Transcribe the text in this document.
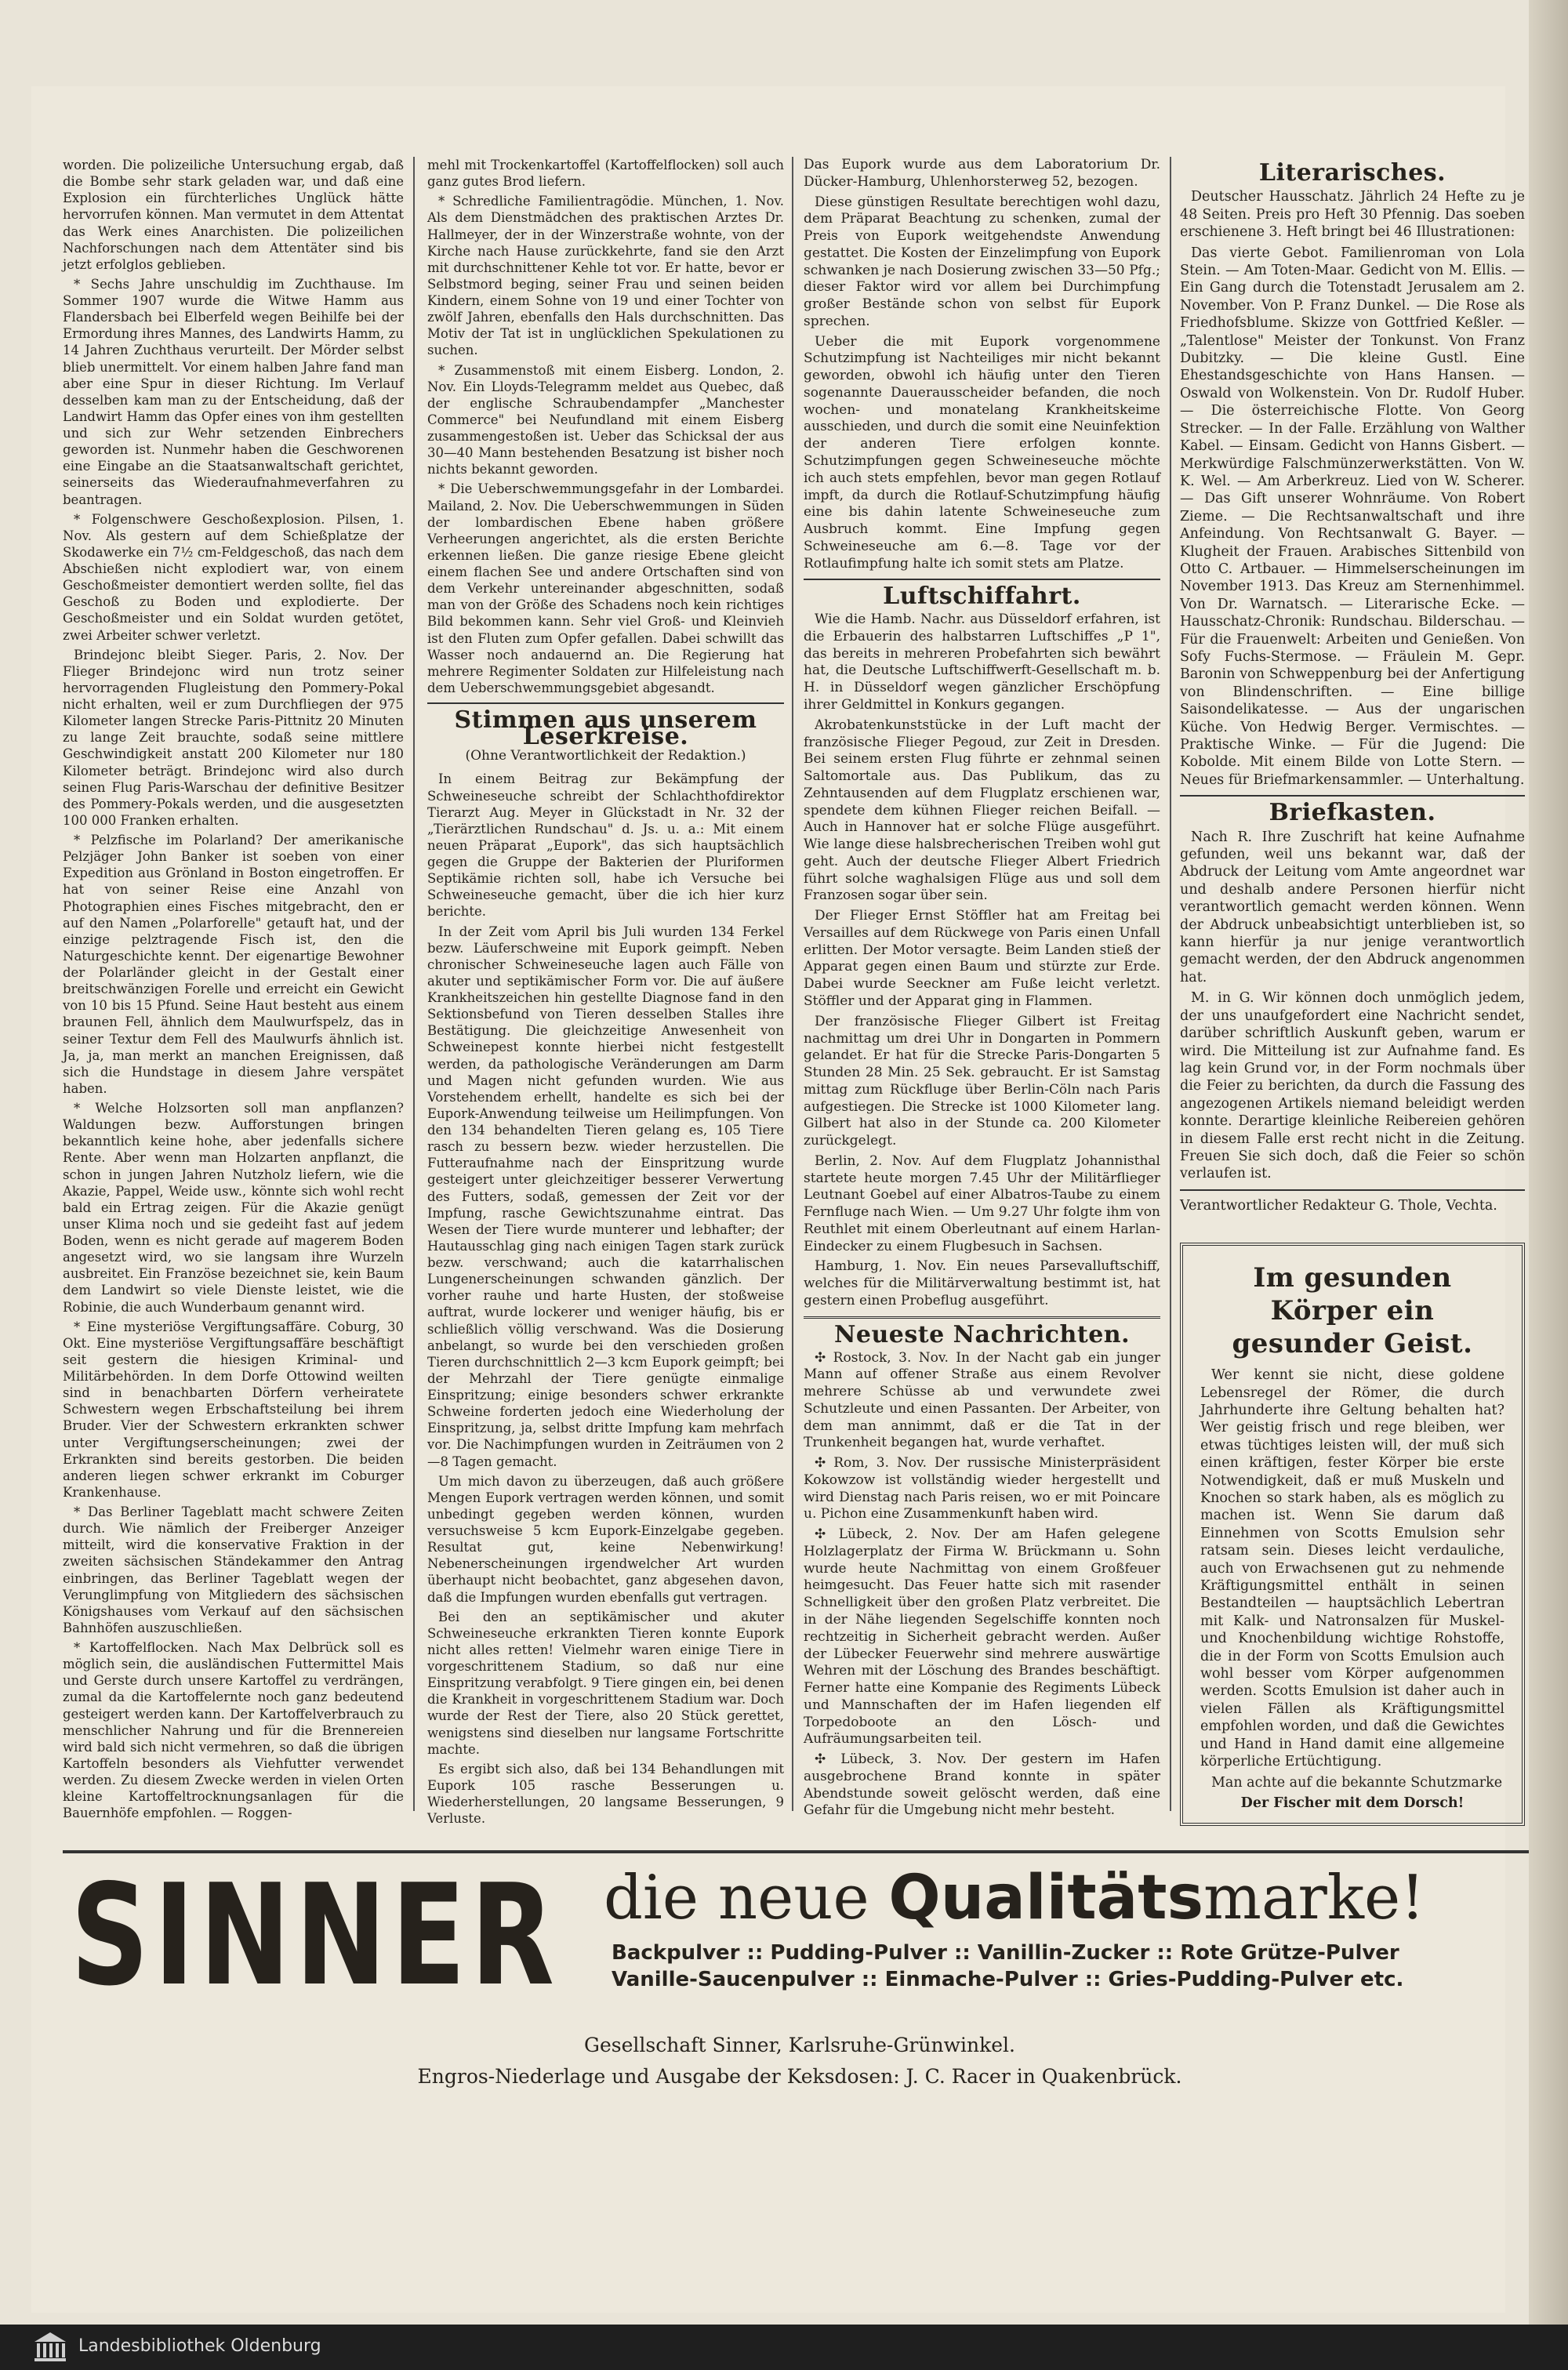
worden. Die polizeiliche Untersuchung ergab, daß die Bombe sehr stark geladen war, und daß eine Explosion ein fürchterliches Unglück hätte hervorrufen können. Man vermutet in dem Attentat das Werk eines Anarchisten. Die polizeilichen Nachforschungen nach dem Attentäter sind bis jetzt erfolglos geblieben.

* Sechs Jahre unschuldig im Zuchthause. Im Sommer 1907 wurde die Witwe Hamm aus Flandersbach bei Elberfeld wegen Beihilfe bei der Ermordung ihres Mannes, des Landwirts Hamm, zu 14 Jahren Zuchthaus verurteilt. Der Mörder selbst blieb unermittelt. Vor einem halben Jahre fand man aber eine Spur in dieser Richtung. Im Verlauf desselben kam man zu der Entscheidung, daß der Landwirt Hamm das Opfer eines von ihm gestellten und sich zur Wehr setzenden Einbrechers geworden ist. Nunmehr haben die Geschworenen eine Eingabe an die Staatsanwaltschaft gerichtet, seinerseits das Wiederaufnahmeverfahren zu beantragen.

* Folgenschwere Geschoßexplosion. Pilsen, 1. Nov. Als gestern auf dem Schießplatze der Skodawerke ein 7½ cm-Feldgeschoß, das nach dem Abschießen nicht explodiert war, von einem Geschoßmeister demontiert werden sollte, fiel das Geschoß zu Boden und explodierte. Der Geschoßmeister und ein Soldat wurden getötet, zwei Arbeiter schwer verletzt.

Brindejonc bleibt Sieger. Paris, 2. Nov. Der Flieger Brindejonc wird nun trotz seiner hervorragenden Flugleistung den Pommery-Pokal nicht erhalten, weil er zum Durchfliegen der 975 Kilometer langen Strecke Paris-Pittnitz 20 Minuten zu lange Zeit brauchte, sodaß seine mittlere Geschwindigkeit anstatt 200 Kilometer nur 180 Kilometer beträgt. Brindejonc wird also durch seinen Flug Paris-Warschau der definitive Besitzer des Pommery-Pokals werden, und die ausgesetzten 100 000 Franken erhalten.

* Pelzfische im Polarland? Der amerikanische Pelzjäger John Banker ist soeben von einer Expedition aus Grönland in Boston eingetroffen. Er hat von seiner Reise eine Anzahl von Photographien eines Fisches mitgebracht, den er auf den Namen „Polarforelle" getauft hat, und der einzige pelztragende Fisch ist, den die Naturgeschichte kennt. Der eigenartige Bewohner der Polarländer gleicht in der Gestalt einer breitschwänzigen Forelle und erreicht ein Gewicht von 10 bis 15 Pfund. Seine Haut besteht aus einem braunen Fell, ähnlich dem Maulwurfspelz, das in seiner Textur dem Fell des Maulwurfs ähnlich ist. Ja, ja, man merkt an manchen Ereignissen, daß sich die Hundstage in diesem Jahre verspätet haben.

* Welche Holzsorten soll man anpflanzen? Waldungen bezw. Aufforstungen bringen bekanntlich keine hohe, aber jedenfalls sichere Rente. Aber wenn man Holzarten anpflanzt, die schon in jungen Jahren Nutzholz liefern, wie die Akazie, Pappel, Weide usw., könnte sich wohl recht bald ein Ertrag zeigen. Für die Akazie genügt unser Klima noch und sie gedeiht fast auf jedem Boden, wenn es nicht gerade auf magerem Boden angesetzt wird, wo sie langsam ihre Wurzeln ausbreitet. Ein Französe bezeichnet sie, kein Baum dem Landwirt so viele Dienste leistet, wie die Robinie, die auch Wunderbaum genannt wird.

* Eine mysteriöse Vergiftungsaffäre. Coburg, 30 Okt. Eine mysteriöse Vergiftungsaffäre beschäftigt seit gestern die hiesigen Kriminal- und Militärbehörden. In dem Dorfe Ottowind weilten sind in benachbarten Dörfern verheiratete Schwestern wegen Erbschaftsteilung bei ihrem Bruder. Vier der Schwestern erkrankten schwer unter Vergiftungserscheinungen; zwei der Erkrankten sind bereits gestorben. Die beiden anderen liegen schwer erkrankt im Coburger Krankenhause.

* Das Berliner Tageblatt macht schwere Zeiten durch. Wie nämlich der Freiberger Anzeiger mitteilt, wird die konservative Fraktion in der zweiten sächsischen Ständekammer den Antrag einbringen, das Berliner Tageblatt wegen der Verunglimpfung von Mitgliedern des sächsischen Königshauses vom Verkauf auf den sächsischen Bahnhöfen auszuschließen.

* Kartoffelflocken. Nach Max Delbrück soll es möglich sein, die ausländischen Futtermittel Mais und Gerste durch unsere Kartoffel zu verdrängen, zumal da die Kartoffelernte noch ganz bedeutend gesteigert werden kann. Der Kartoffelverbrauch zu menschlicher Nahrung und für die Brennereien wird bald sich nicht vermehren, so daß die übrigen Kartoffeln besonders als Viehfutter verwendet werden. Zu diesem Zwecke werden in vielen Orten kleine Kartoffeltrocknungsanlagen für die Bauernhöfe empfohlen. — Roggen-

mehl mit Trockenkartoffel (Kartoffelflocken) soll auch ganz gutes Brod liefern.

* Schredliche Familientragödie. München, 1. Nov. Als dem Dienstmädchen des praktischen Arztes Dr. Hallmeyer, der in der Winzerstraße wohnte, von der Kirche nach Hause zurückkehrte, fand sie den Arzt mit durchschnittener Kehle tot vor. Er hatte, bevor er Selbstmord beging, seiner Frau und seinen beiden Kindern, einem Sohne von 19 und einer Tochter von zwölf Jahren, ebenfalls den Hals durchschnitten. Das Motiv der Tat ist in unglücklichen Spekulationen zu suchen.

* Zusammenstoß mit einem Eisberg. London, 2. Nov. Ein Lloyds-Telegramm meldet aus Quebec, daß der englische Schraubendampfer „Manchester Commerce" bei Neufundland mit einem Eisberg zusammengestoßen ist. Ueber das Schicksal der aus 30—40 Mann bestehenden Besatzung ist bisher noch nichts bekannt geworden.

* Die Ueberschwemmungsgefahr in der Lombardei. Mailand, 2. Nov. Die Ueberschwemmungen in Süden der lombardischen Ebene haben größere Verheerungen angerichtet, als die ersten Berichte erkennen ließen. Die ganze riesige Ebene gleicht einem flachen See und andere Ortschaften sind von dem Verkehr untereinander abgeschnitten, sodaß man von der Größe des Schadens noch kein richtiges Bild bekommen kann. Sehr viel Groß- und Kleinvieh ist den Fluten zum Opfer gefallen. Dabei schwillt das Wasser noch andauernd an. Die Regierung hat mehrere Regimenter Soldaten zur Hilfeleistung nach dem Ueberschwemmungsgebiet abgesandt.

Stimmen aus unserem Leserkreise.
(Ohne Verantwortlichkeit der Redaktion.)

In einem Beitrag zur Bekämpfung der Schweineseuche schreibt der Schlachthofdirektor Tierarzt Aug. Meyer in Glückstadt in Nr. 32 der „Tierärztlichen Rundschau" d. Js. u. a.: Mit einem neuen Präparat „Eupork", das sich hauptsächlich gegen die Gruppe der Bakterien der Pluriformen Septikämie richten soll, habe ich Versuche bei Schweineseuche gemacht, über die ich hier kurz berichte.

In der Zeit vom April bis Juli wurden 134 Ferkel bezw. Läuferschweine mit Eupork geimpft. Neben chronischer Schweineseuche lagen auch Fälle von akuter und septikämischer Form vor. Die auf äußere Krankheitszeichen hin gestellte Diagnose fand in den Sektionsbefund von Tieren desselben Stalles ihre Bestätigung. Die gleichzeitige Anwesenheit von Schweinepest konnte hierbei nicht festgestellt werden, da pathologische Veränderungen am Darm und Magen nicht gefunden wurden. Wie aus Vorstehendem erhellt, handelte es sich bei der Eupork-Anwendung teilweise um Heilimpfungen. Von den 134 behandelten Tieren gelang es, 105 Tiere rasch zu bessern bezw. wieder herzustellen. Die Futteraufnahme nach der Einspritzung wurde gesteigert unter gleichzeitiger besserer Verwertung des Futters, sodaß, gemessen der Zeit vor der Impfung, rasche Gewichtszunahme eintrat. Das Wesen der Tiere wurde munterer und lebhafter; der Hautausschlag ging nach einigen Tagen stark zurück bezw. verschwand; auch die katarrhalischen Lungenerscheinungen schwanden gänzlich. Der vorher rauhe und harte Husten, der stoßweise auftrat, wurde lockerer und weniger häufig, bis er schließlich völlig verschwand. Was die Dosierung anbelangt, so wurde bei den verschieden großen Tieren durchschnittlich 2—3 kcm Eupork geimpft; bei der Mehrzahl der Tiere genügte einmalige Einspritzung; einige besonders schwer erkrankte Schweine forderten jedoch eine Wiederholung der Einspritzung, ja, selbst dritte Impfung kam mehrfach vor. Die Nachimpfungen wurden in Zeiträumen von 2—8 Tagen gemacht.

Um mich davon zu überzeugen, daß auch größere Mengen Eupork vertragen werden können, und somit unbedingt gegeben werden können, wurden versuchsweise 5 kcm Eupork-Einzelgabe gegeben. Resultat gut, keine Nebenwirkung! Nebenerscheinungen irgendwelcher Art wurden überhaupt nicht beobachtet, ganz abgesehen davon, daß die Impfungen wurden ebenfalls gut vertragen.

Bei den an septikämischer und akuter Schweineseuche erkrankten Tieren konnte Eupork nicht alles retten! Vielmehr waren einige Tiere in vorgeschrittenem Stadium, so daß nur eine Einspritzung verabfolgt. 9 Tiere gingen ein, bei denen die Krankheit in vorgeschrittenem Stadium war. Doch wurde der Rest der Tiere, also 20 Stück gerettet, wenigstens sind dieselben nur langsame Fortschritte machte.

Es ergibt sich also, daß bei 134 Behandlungen mit Eupork 105 rasche Besserungen u. Wiederherstellungen, 20 langsame Besserungen, 9 Verluste.

Das Eupork wurde aus dem Laboratorium Dr. Dücker-Hamburg, Uhlenhorsterweg 52, bezogen.

Diese günstigen Resultate berechtigen wohl dazu, dem Präparat Beachtung zu schenken, zumal der Preis von Eupork weitgehendste Anwendung gestattet. Die Kosten der Einzelimpfung von Eupork schwanken je nach Dosierung zwischen 33—50 Pfg.; dieser Faktor wird vor allem bei Durchimpfung großer Bestände schon von selbst für Eupork sprechen.

Ueber die mit Eupork vorgenommene Schutzimpfung ist Nachteiliges mir nicht bekannt geworden, obwohl ich häufig unter den Tieren sogenannte Dauerausscheider befanden, die noch wochen- und monatelang Krankheitskeime ausschieden, und durch die somit eine Neuinfektion der anderen Tiere erfolgen konnte. Schutzimpfungen gegen Schweineseuche möchte ich auch stets empfehlen, bevor man gegen Rotlauf impft, da durch die Rotlauf-Schutzimpfung häufig eine bis dahin latente Schweineseuche zum Ausbruch kommt. Eine Impfung gegen Schweineseuche am 6.—8. Tage vor der Rotlaufimpfung halte ich somit stets am Platze.

Luftschiffahrt.

Wie die Hamb. Nachr. aus Düsseldorf erfahren, ist die Erbauerin des halbstarren Luftschiffes „P 1", das bereits in mehreren Probefahrten sich bewährt hat, die Deutsche Luftschiffwerft-Gesellschaft m. b. H. in Düsseldorf wegen gänzlicher Erschöpfung ihrer Geldmittel in Konkurs gegangen.

Akrobatenkunststücke in der Luft macht der französische Flieger Pegoud, zur Zeit in Dresden. Bei seinem ersten Flug führte er zehnmal seinen Saltomortale aus. Das Publikum, das zu Zehntausenden auf dem Flugplatz erschienen war, spendete dem kühnen Flieger reichen Beifall. — Auch in Hannover hat er solche Flüge ausgeführt. Wie lange diese halsbrecherischen Treiben wohl gut geht. Auch der deutsche Flieger Albert Friedrich führt solche waghalsigen Flüge aus und soll dem Franzosen sogar über sein.

Der Flieger Ernst Stöffler hat am Freitag bei Versailles auf dem Rückwege von Paris einen Unfall erlitten. Der Motor versagte. Beim Landen stieß der Apparat gegen einen Baum und stürzte zur Erde. Dabei wurde Seeckner am Fuße leicht verletzt. Stöffler und der Apparat ging in Flammen.

Der französische Flieger Gilbert ist Freitag nachmittag um drei Uhr in Dongarten in Pommern gelandet. Er hat für die Strecke Paris-Dongarten 5 Stunden 28 Min. 25 Sek. gebraucht. Er ist Samstag mittag zum Rückfluge über Berlin-Cöln nach Paris aufgestiegen. Die Strecke ist 1000 Kilometer lang. Gilbert hat also in der Stunde ca. 200 Kilometer zurückgelegt.

Berlin, 2. Nov. Auf dem Flugplatz Johannisthal startete heute morgen 7.45 Uhr der Militärflieger Leutnant Goebel auf einer Albatros-Taube zu einem Fernfluge nach Wien. — Um 9.27 Uhr folgte ihm von Reuthlet mit einem Oberleutnant auf einem Harlan-Eindecker zu einem Flugbesuch in Sachsen.

Hamburg, 1. Nov. Ein neues Parsevalluftschiff, welches für die Militärverwaltung bestimmt ist, hat gestern einen Probeflug ausgeführt.

Neueste Nachrichten.

✣ Rostock, 3. Nov. In der Nacht gab ein junger Mann auf offener Straße aus einem Revolver mehrere Schüsse ab und verwundete zwei Schutzleute und einen Passanten. Der Arbeiter, von dem man annimmt, daß er die Tat in der Trunkenheit begangen hat, wurde verhaftet.

✣ Rom, 3. Nov. Der russische Ministerpräsident Kokowzow ist vollständig wieder hergestellt und wird Dienstag nach Paris reisen, wo er mit Poincare u. Pichon eine Zusammenkunft haben wird.

✣ Lübeck, 2. Nov. Der am Hafen gelegene Holzlagerplatz der Firma W. Brückmann u. Sohn wurde heute Nachmittag von einem Großfeuer heimgesucht. Das Feuer hatte sich mit rasender Schnelligkeit über den großen Platz verbreitet. Die in der Nähe liegenden Segelschiffe konnten noch rechtzeitig in Sicherheit gebracht werden. Außer der Lübecker Feuerwehr sind mehrere auswärtige Wehren mit der Löschung des Brandes beschäftigt. Ferner hatte eine Kompanie des Regiments Lübeck und Mannschaften der im Hafen liegenden elf Torpedoboote an den Lösch- und Aufräumungsarbeiten teil.

✣ Lübeck, 3. Nov. Der gestern im Hafen ausgebrochene Brand konnte in später Abendstunde soweit gelöscht werden, daß eine Gefahr für die Umgebung nicht mehr besteht.

Literarisches.

Deutscher Hausschatz. Jährlich 24 Hefte zu je 48 Seiten. Preis pro Heft 30 Pfennig. Das soeben erschienene 3. Heft bringt bei 46 Illustrationen:

Das vierte Gebot. Familienroman von Lola Stein. — Am Toten-Maar. Gedicht von M. Ellis. — Ein Gang durch die Totenstadt Jerusalem am 2. November. Von P. Franz Dunkel. — Die Rose als Friedhofsblume. Skizze von Gottfried Keßler. — „Talentlose" Meister der Tonkunst. Von Franz Dubitzky. — Die kleine Gustl. Eine Ehestandsgeschichte von Hans Hansen. — Oswald von Wolkenstein. Von Dr. Rudolf Huber. — Die österreichische Flotte. Von Georg Strecker. — In der Falle. Erzählung von Walther Kabel. — Einsam. Gedicht von Hanns Gisbert. — Merkwürdige Falschmünzerwerkstätten. Von W. K. Wel. — Am Arberkreuz. Lied von W. Scherer. — Das Gift unserer Wohnräume. Von Robert Zieme. — Die Rechtsanwaltschaft und ihre Anfeindung. Von Rechtsanwalt G. Bayer. — Klugheit der Frauen. Arabisches Sittenbild von Otto C. Artbauer. — Himmelserscheinungen im November 1913. Das Kreuz am Sternenhimmel. Von Dr. Warnatsch. — Literarische Ecke. — Hausschatz-Chronik: Rundschau. Bilderschau. — Für die Frauenwelt: Arbeiten und Genießen. Von Sofy Fuchs-Stermose. — Fräulein M. Gepr. Baronin von Schweppenburg bei der Anfertigung von Blindenschriften. — Eine billige Saisondelikatesse. — Aus der ungarischen Küche. Von Hedwig Berger. Vermischtes. — Praktische Winke. — Für die Jugend: Die Kobolde. Mit einem Bilde von Lotte Stern. — Neues für Briefmarkensammler. — Unterhaltung.

Briefkasten.

Nach R. Ihre Zuschrift hat keine Aufnahme gefunden, weil uns bekannt war, daß der Abdruck der Leitung vom Amte angeordnet war und deshalb andere Personen hierfür nicht verantwortlich gemacht werden können. Wenn der Abdruck unbeabsichtigt unterblieben ist, so kann hierfür ja nur jenige verantwortlich gemacht werden, der den Abdruck angenommen hat.

M. in G. Wir können doch unmöglich jedem, der uns unaufgefordert eine Nachricht sendet, darüber schriftlich Auskunft geben, warum er wird. Die Mitteilung ist zur Aufnahme fand. Es lag kein Grund vor, in der Form nochmals über die Feier zu berichten, da durch die Fassung des angezogenen Artikels niemand beleidigt werden konnte. Derartige kleinliche Reibereien gehören in diesem Falle erst recht nicht in die Zeitung. Freuen Sie sich doch, daß die Feier so schön verlaufen ist.

Verantwortlicher Redakteur G. Thole, Vechta.

Im gesunden Körper ein gesunder Geist.

Wer kennt sie nicht, diese goldene Lebensregel der Römer, die durch Jahrhunderte ihre Geltung behalten hat? Wer geistig frisch und rege bleiben, wer etwas tüchtiges leisten will, der muß sich einen kräftigen, fester Körper bie erste Notwendigkeit, daß er muß Muskeln und Knochen so stark haben, als es möglich zu machen ist. Wenn Sie darum daß Einnehmen von Scotts Emulsion sehr ratsam sein. Dieses leicht verdauliche, auch von Erwachsenen gut zu nehmende Kräftigungsmittel enthält in seinen Bestandteilen — hauptsächlich Lebertran mit Kalk- und Natronsalzen für Muskel- und Knochenbildung wichtige Rohstoffe, die in der Form von Scotts Emulsion auch wohl besser vom Körper aufgenommen werden. Scotts Emulsion ist daher auch in vielen Fällen als Kräftigungsmittel empfohlen worden, und daß die Gewichtes und Hand in Hand damit eine allgemeine körperliche Ertüchtigung.

Man achte auf die bekannte Schutzmarke

Der Fischer mit dem Dorsch!

SINNER die neue Qualitätsmarke!
Backpulver :: Pudding-Pulver :: Vanillin-Zucker :: Rote Grütze-Pulver
Vanille-Saucenpulver :: Einmache-Pulver :: Gries-Pudding-Pulver etc.
Gesellschaft Sinner, Karlsruhe-Grünwinkel.
Engros-Niederlage und Ausgabe der Keksdosen: J. C. Racer in Quakenbrück.
Landesbibliothek Oldenburg
